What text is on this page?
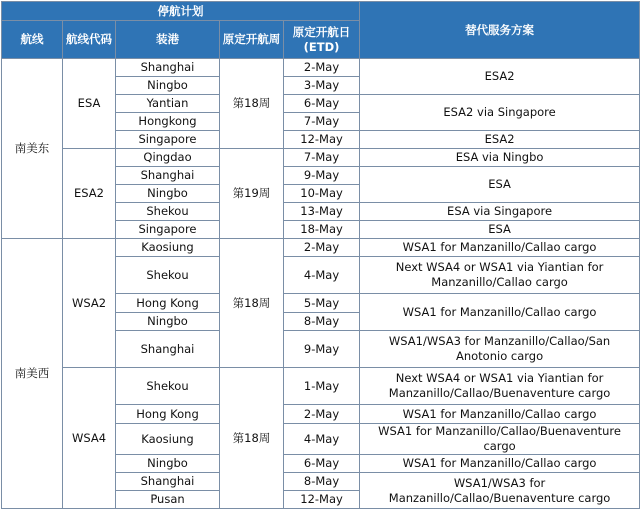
停航计划					替代服务方案
航线	航线代码	装港	原定开航周	原定开航日
(ETD)	
南美东	ESA	Shanghai	第18周	2-May	ESA2
		Ningbo		3-May	
		Yantian		6-May	ESA2 via Singapore
		Hongkong		7-May	
		Singapore		12-May	ESA2
	ESA2	Qingdao	第19周	7-May	ESA via Ningbo
		Shanghai		9-May	ESA
		Ningbo		10-May	
		Shekou		13-May	ESA via Singapore
		Singapore		18-May	ESA
南美西	WSA2	Kaosiung	第18周	2-May	WSA1 for Manzanillo/Callao cargo
		Shekou		4-May	Next WSA4 or WSA1 via Yiantian for Manzanillo/Callao cargo
		Hong Kong		5-May	WSA1 for Manzanillo/Callao cargo
		Ningbo		8-May	
		Shanghai		9-May	WSA1/WSA3 for Manzanillo/Callao/San Anotonio cargo
	WSA4	Shekou	第18周	1-May	Next WSA4 or WSA1 via Yiantian for Manzanillo/Callao/Buenaventure cargo
		Hong Kong		2-May	WSA1 for Manzanillo/Callao cargo
		Kaosiung		4-May	WSA1 for Manzanillo/Callao/Buenaventure cargo
		Ningbo		6-May	WSA1 for Manzanillo/Callao cargo
		Shanghai		8-May	WSA1/WSA3 for Manzanillo/Callao/Buenaventure cargo
		Pusan		12-May	
